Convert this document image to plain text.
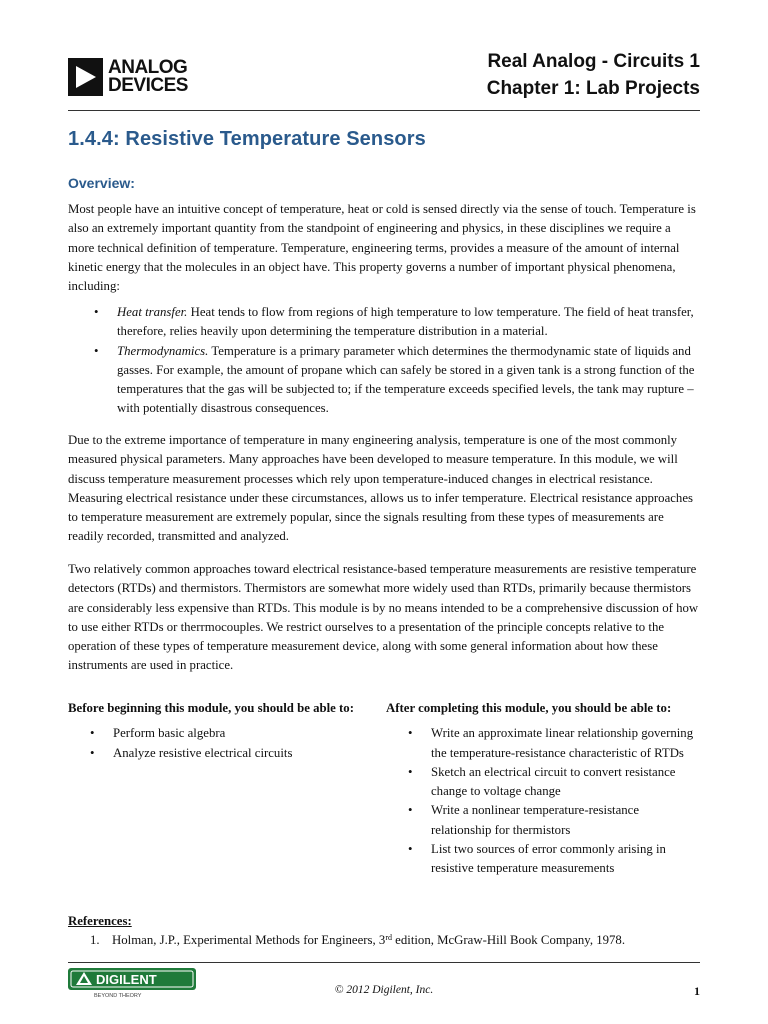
ANALOG
DEVICES
Real Analog - Circuits 1
Chapter 1: Lab Projects
1.4.4: Resistive Temperature Sensors
Overview:

Most people have an intuitive concept of temperature, heat or cold is sensed directly via the sense of touch. Temperature is also an extremely important quantity from the standpoint of engineering and physics, in these disciplines we require a more technical definition of temperature. Temperature, engineering terms, provides a measure of the amount of internal kinetic energy that the molecules in an object have. This property governs a number of important physical phenomena, including:

• Heat transfer. Heat tends to flow from regions of high temperature to low temperature. The field of heat transfer, therefore, relies heavily upon determining the temperature distribution in a material.
• Thermodynamics. Temperature is a primary parameter which determines the thermodynamic state of liquids and gasses. For example, the amount of propane which can safely be stored in a given tank is a strong function of the temperatures that the gas will be subjected to; if the temperature exceeds specified levels, the tank may rupture – with potentially disastrous consequences.

Due to the extreme importance of temperature in many engineering analysis, temperature is one of the most commonly measured physical parameters. Many approaches have been developed to measure temperature. In this module, we will discuss temperature measurement processes which rely upon temperature-induced changes in electrical resistance. Measuring electrical resistance under these circumstances, allows us to infer temperature. Electrical resistance approaches to temperature measurement are extremely popular, since the signals resulting from these types of measurements are readily recorded, transmitted and analyzed.

Two relatively common approaches toward electrical resistance-based temperature measurements are resistive temperature detectors (RTDs) and thermistors. Thermistors are somewhat more widely used than RTDs, primarily because thermistors are considerably less expensive than RTDs. This module is by no means intended to be a comprehensive discussion of how to use either RTDs or therrmocouples. We restrict ourselves to a presentation of the principle concepts relative to the operation of these types of temperature measurement device, along with some general information about how these instruments are used in practice.

Before beginning this module, you should be able to:
• Perform basic algebra
• Analyze resistive electrical circuits
After completing this module, you should be able to:
• Write an approximate linear relationship governing the temperature-resistance characteristic of RTDs
• Sketch an electrical circuit to convert resistance change to voltage change
• Write a nonlinear temperature-resistance relationship for thermistors
• List two sources of error commonly arising in resistive temperature measurements
References:
1. Holman, J.P., Experimental Methods for Engineers, 3rd edition, McGraw-Hill Book Company, 1978.
DIGILENT
BEYOND THEORY	© 2012 Digilent, Inc.	1
